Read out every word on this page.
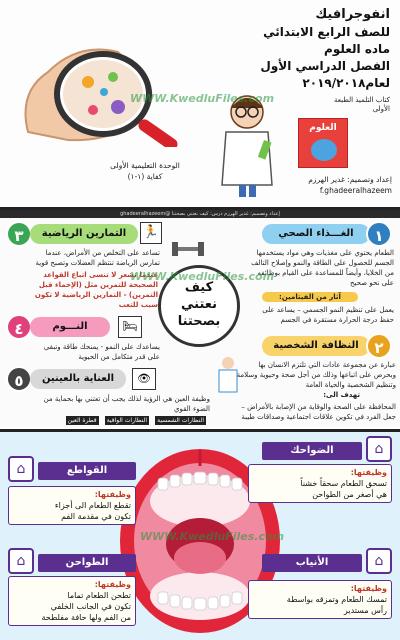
انفوجرافيك
للصف الرابع الابتدائي
ماده العلوم
الفصل الدراسي الأول
لعام٢٠١٩/٢٠١٨
كتاب التلميذ الطبعة الأولى
العلوم
الوحدة التعليمية الأولى
كفاية (١-١)	إعداد وتصميم: غدير الهرزم
f.ghadeeralhazeem
WWW.KwedluFiles.com
إعداد وتصميم: غدير الهرزم درس: كيف نعتني بصحتنا @ghadeeralhazeem
الغـــذاء الصحي	١
الطعام يحتوي على مغذيات وهي مواد يستخدمها الجسم للحصول على الطاقة والنمو وإصلاح التالف من الخلايا، وأيضاً للمساعدة على القيام بوظائفه على نحو صحيح
آثار من الفيتامين:
يعمل على تنظيم النمو الجسمي – يساعد على حفظ درجة الحرارة مستقرة في الجسم
النظافة الشخصية	٢
عبارة عن مجموعة عادات التي تلتزم الانسان بها وبحرص على اتباعها وذلك من أجل صحة وحيوية وسلامة وتنظيم الشخصية والحياة العامة
تهدف الى:
المحافظة على الصحة والوقاية من الإصابة بالأمراض – جعل الفرد في تكوين علاقات اجتماعية وصداقات طيبة
كيف
نعتني
بصحتنا
٣	التمارين الرياضية	🏃
تساعد على التخلص من الأمراض، عندما تمارس الرياضة تنتظم العضلات وتصبح قوية
عندما تشعر لا تنسى اتباع القواعد الصحيحة للتمرين مثل (الإحماء قبل التمرين) - التمارين الرياضية لا تكون سبب للتعب
٤	النـــوم	🛏
يساعدك على النمو - يمنحك طاقة وتبقى على قدر متكامل من الحيوية
٥	العناية بالعينين	👁
وظيفة العين هي الرؤية لذلك يجب أن تعتني بها بحماية من الضوء القوي
النظارات الشمسية النظارات الواقية قطرة العين
WWW.KwedluFiles.com
⌂
الضواحك
وظيفتها:
تسحق الطعام سحقاً خشناً
هي أصغر من الطواحن
⌂	القواطع
وظيفتها:
تقطع الطعام الى أجزاء
تكون في مقدمة الفم
⌂	الطواحن
وظيفتها:
تطحن الطعام تماما
تكون في الجانب الخلفي
من الفم ولها حافة مفلطحة
⌂
الأنياب
وظيفتها:
تمسك الطعام وتمزقه بواسطة
رأس مستدير
WWW.KwedluFiles.com
